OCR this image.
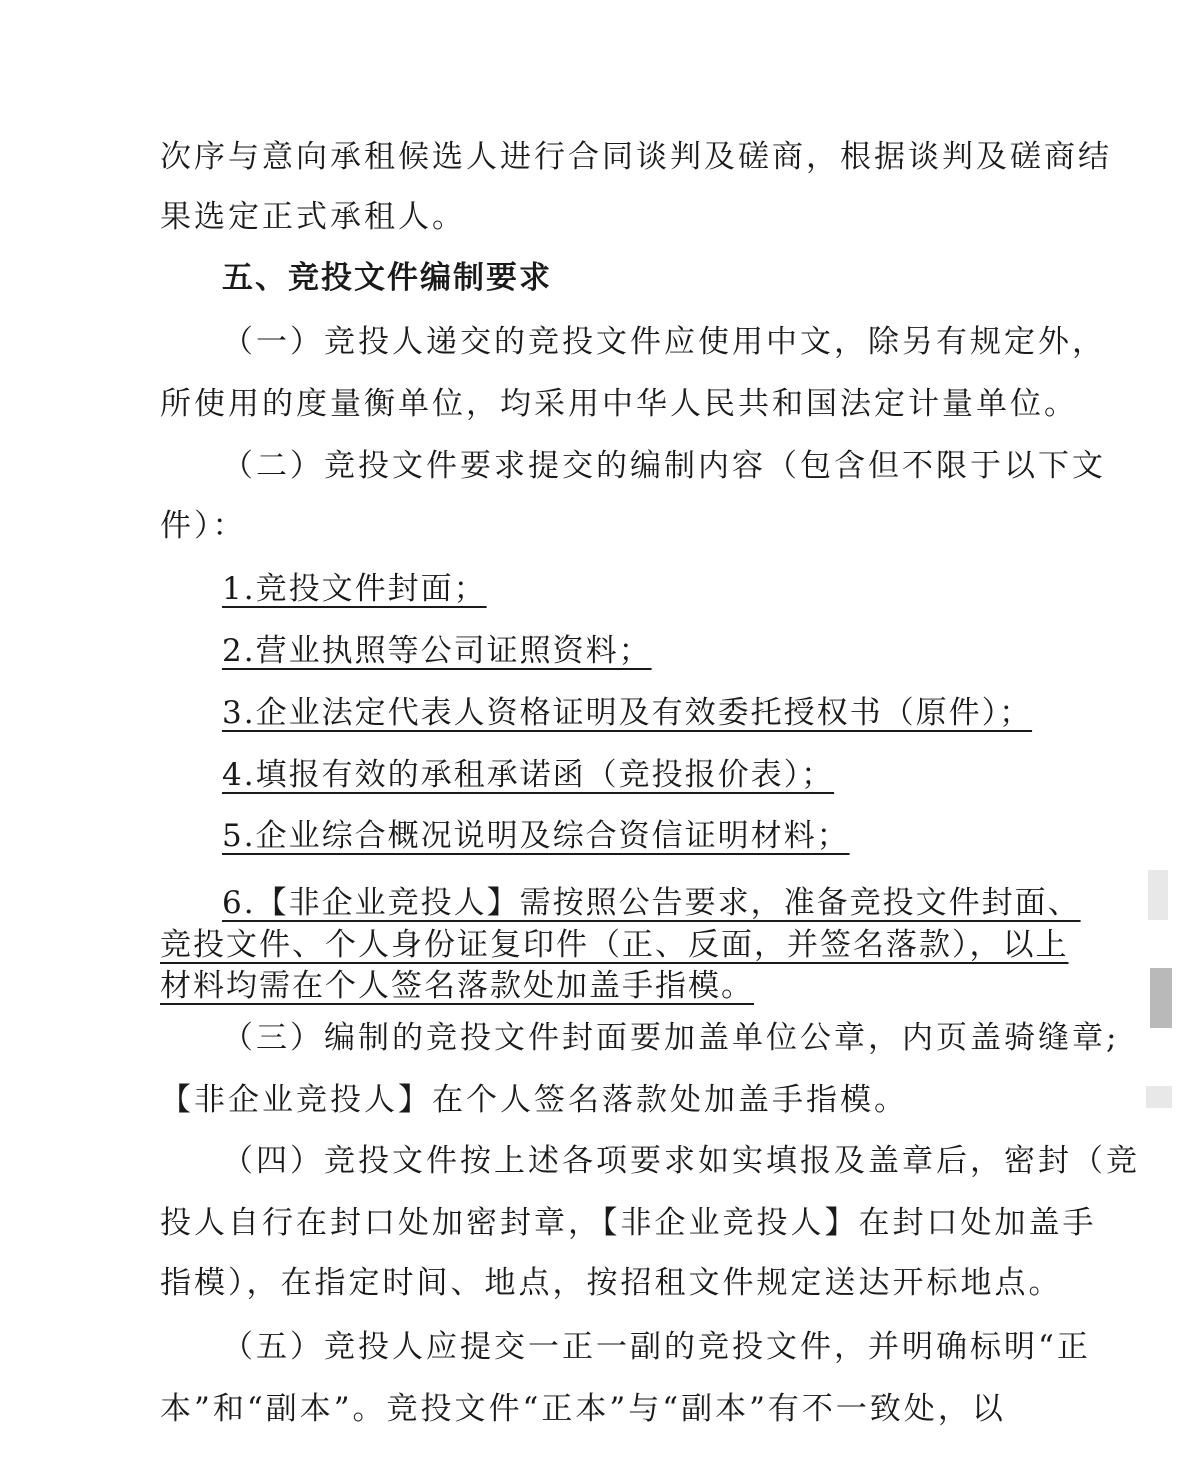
次序与意向承租候选人进行合同谈判及磋商，根据谈判及磋商结
果选定正式承租人。
五、竞投文件编制要求
（一）竞投人递交的竞投文件应使用中文，除另有规定外，
所使用的度量衡单位，均采用中华人民共和国法定计量单位。
（二）竞投文件要求提交的编制内容（包含但不限于以下文
件）：
1.竞投文件封面；
2.营业执照等公司证照资料；
3.企业法定代表人资格证明及有效委托授权书（原件）；
4.填报有效的承租承诺函（竞投报价表）；
5.企业综合概况说明及综合资信证明材料；
6.【非企业竞投人】需按照公告要求，准备竞投文件封面、
竞投文件、个人身份证复印件（正、反面，并签名落款），以上
材料均需在个人签名落款处加盖手指模。
（三）编制的竞投文件封面要加盖单位公章，内页盖骑缝章;
【非企业竞投人】在个人签名落款处加盖手指模。
（四）竞投文件按上述各项要求如实填报及盖章后，密封（竞
投人自行在封口处加密封章，【非企业竞投人】在封口处加盖手
指模），在指定时间、地点，按招租文件规定送达开标地点。
（五）竞投人应提交一正一副的竞投文件，并明确标明“正
本”和“副本”。竞投文件“正本”与“副本”有不一致处，以
